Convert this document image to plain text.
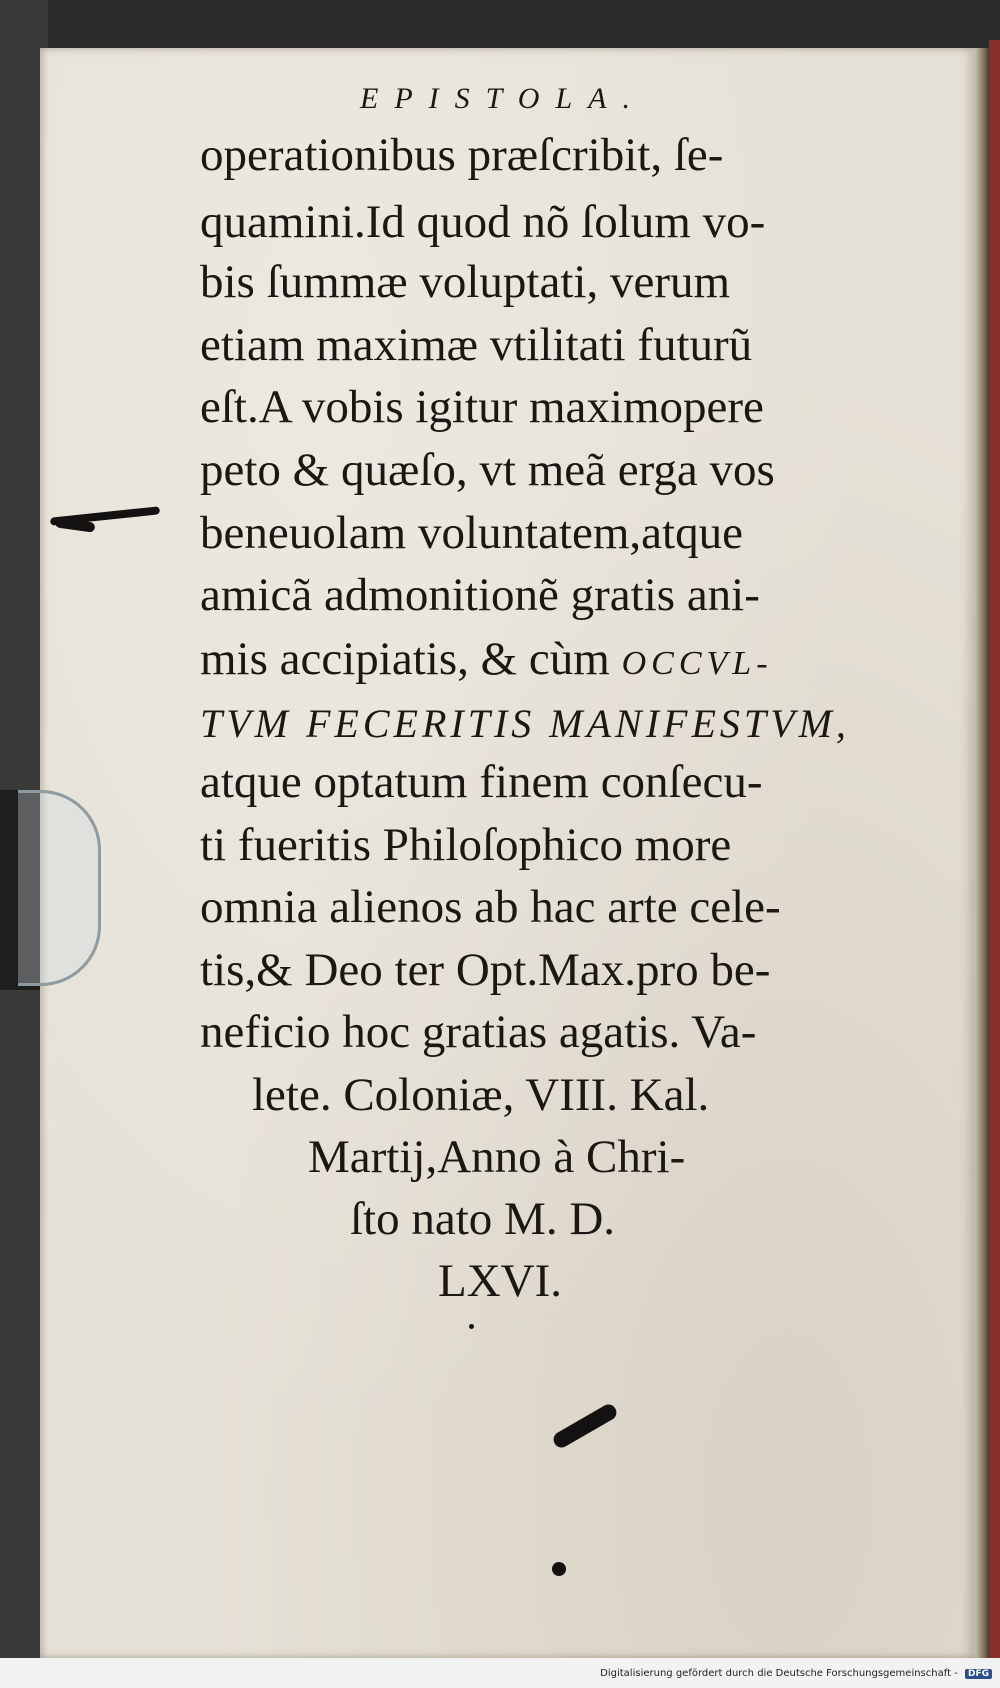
EPISTOLA.
operationibus præſcribit, ſe-
quamini.Id quod nõ ſolum vo-
bis ſummæ voluptati, verum
etiam maximæ vtilitati futurũ
eſt.A vobis igitur maximopere
peto & quæſo, vt meã erga vos
beneuolam voluntatem,atque
amicã admonitionẽ gratis ani-
mis accipiatis, & cùm OCCVL-
TVM FECERITIS MANIFESTVM,
atque optatum finem conſecu-
ti fueritis Philoſophico more
omnia alienos ab hac arte cele-
tis,& Deo ter Opt.Max.pro be-
neficio hoc gratias agatis. Va-
lete. Coloniæ, VIII. Kal.
Martij,Anno à Chri-
ſto nato M. D.
LXVI.
Digitalisierung gefördert durch die Deutsche Forschungsgemeinschaft - DFG
